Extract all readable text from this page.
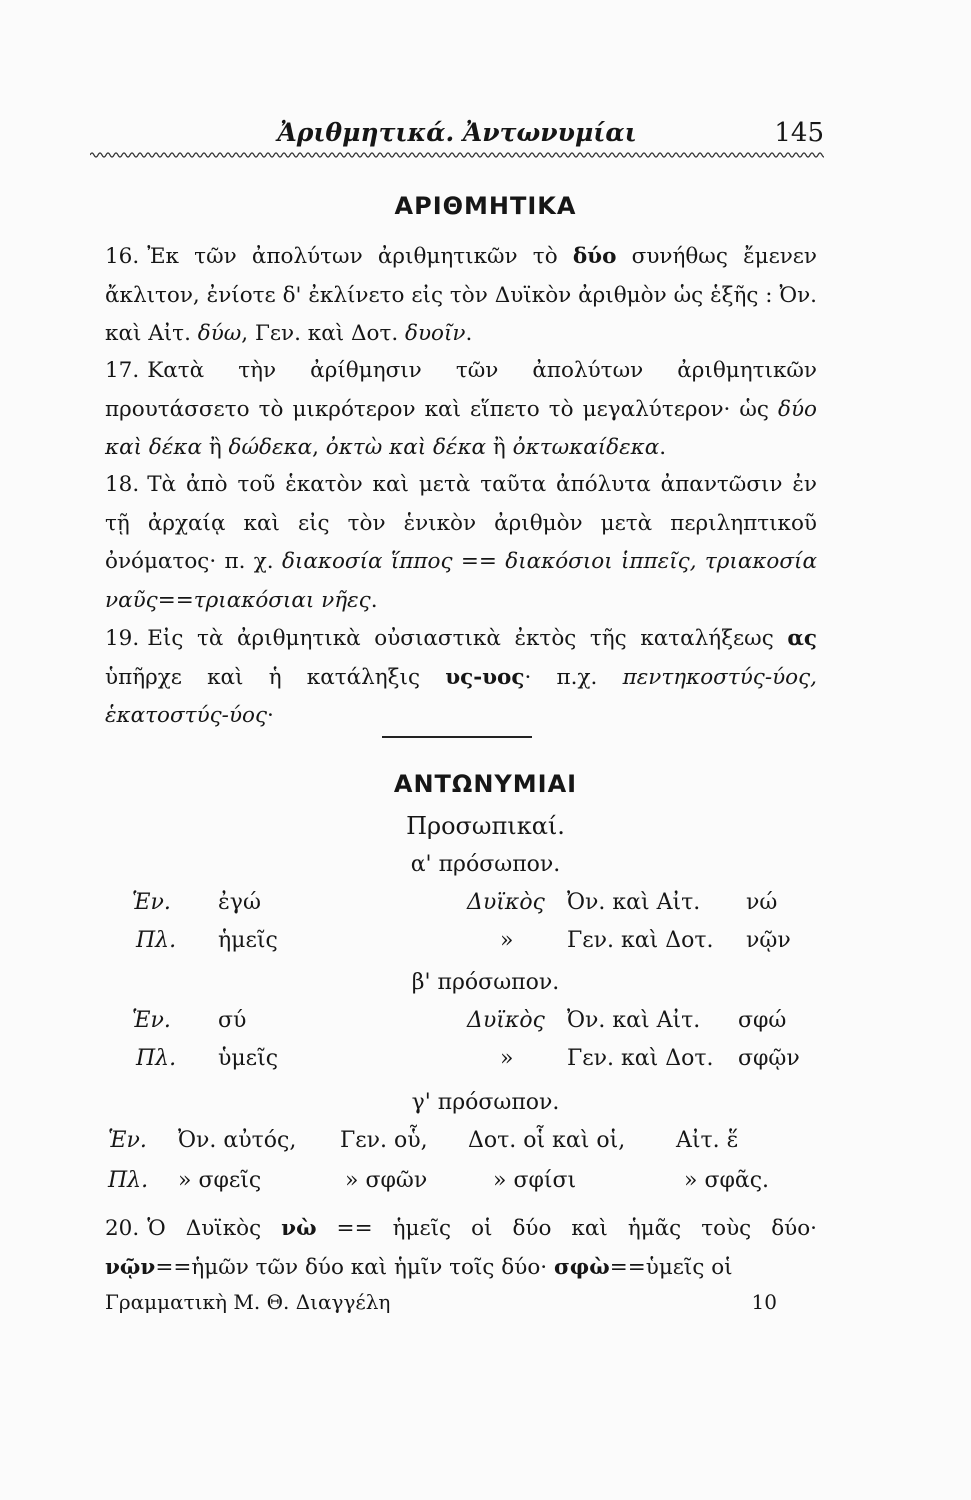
Ἀριθμητικά. Ἀντωνυμίαι	145
ΑΡΙΘΜΗΤΙΚΑ

16. Ἐκ τῶν ἀπολύτων ἀριθμητικῶν τὸ δύο συνήθως ἔμενεν ἄκλιτον, ἐνίοτε δ' ἐκλίνετο εἰς τὸν Δυϊκὸν ἀριθμὸν ὡς ἑξῆς : Ὀν. καὶ Αἰτ. δύω, Γεν. καὶ Δοτ. δυοῖν.

17. Κατὰ τὴν ἀρίθμησιν τῶν ἀπολύτων ἀριθμητικῶν προυτάσσετο τὸ μικρότερον καὶ εἵπετο τὸ μεγαλύτερον· ὡς δύο καὶ δέκα ἢ δώδεκα, ὀκτὼ καὶ δέκα ἢ ὀκτωκαίδεκα.

18. Τὰ ἀπὸ τοῦ ἑκατὸν καὶ μετὰ ταῦτα ἀπόλυτα ἀπαντῶσιν ἐν τῇ ἀρχαίᾳ καὶ εἰς τὸν ἑνικὸν ἀριθμὸν μετὰ περιληπτικοῦ ὀνόματος· π. χ. διακοσία ἵππος == διακόσιοι ἱππεῖς, τριακοσία ναῦς==τριακόσιαι νῆες.

19. Εἰς τὰ ἀριθμητικὰ οὐσιαστικὰ ἐκτὸς τῆς καταλήξεως ας ὑπῆρχε καὶ ἡ κατάληξις υς-υος· π.χ. πεντηκοστύς-ύος, ἑκατοστύς-ύος·

ΑΝΤΩΝΥΜΙΑΙ
Προσωπικαί.
α' πρόσωπον.
Ἑν. ἐγώ	Δυϊκὸς Ὀν. καὶ Αἰτ. νώ
Πλ. ἡμεῖς	» Γεν. καὶ Δοτ. νῷν
β' πρόσωπον.
Ἑν. σύ	Δυϊκὸς Ὀν. καὶ Αἰτ. σφώ
Πλ. ὑμεῖς	» Γεν. καὶ Δοτ. σφῷν
γ' πρόσωπον.
Ἑν. Ὀν. αὐτός, Γεν. οὗ, Δοτ. οἷ καὶ οἱ, Αἰτ. ἕ
Πλ. » σφεῖς	» σφῶν	» σφίσι	» σφᾶς.

20. Ὁ Δυϊκὸς νὼ == ἡμεῖς οἱ δύο καὶ ἡμᾶς τοὺς δύο· νῷν==ἡμῶν τῶν δύο καὶ ἡμῖν τοῖς δύο· σφὼ==ὑμεῖς οἱ

Γραμματικὴ Μ. Θ. Διαγγέλη	10
